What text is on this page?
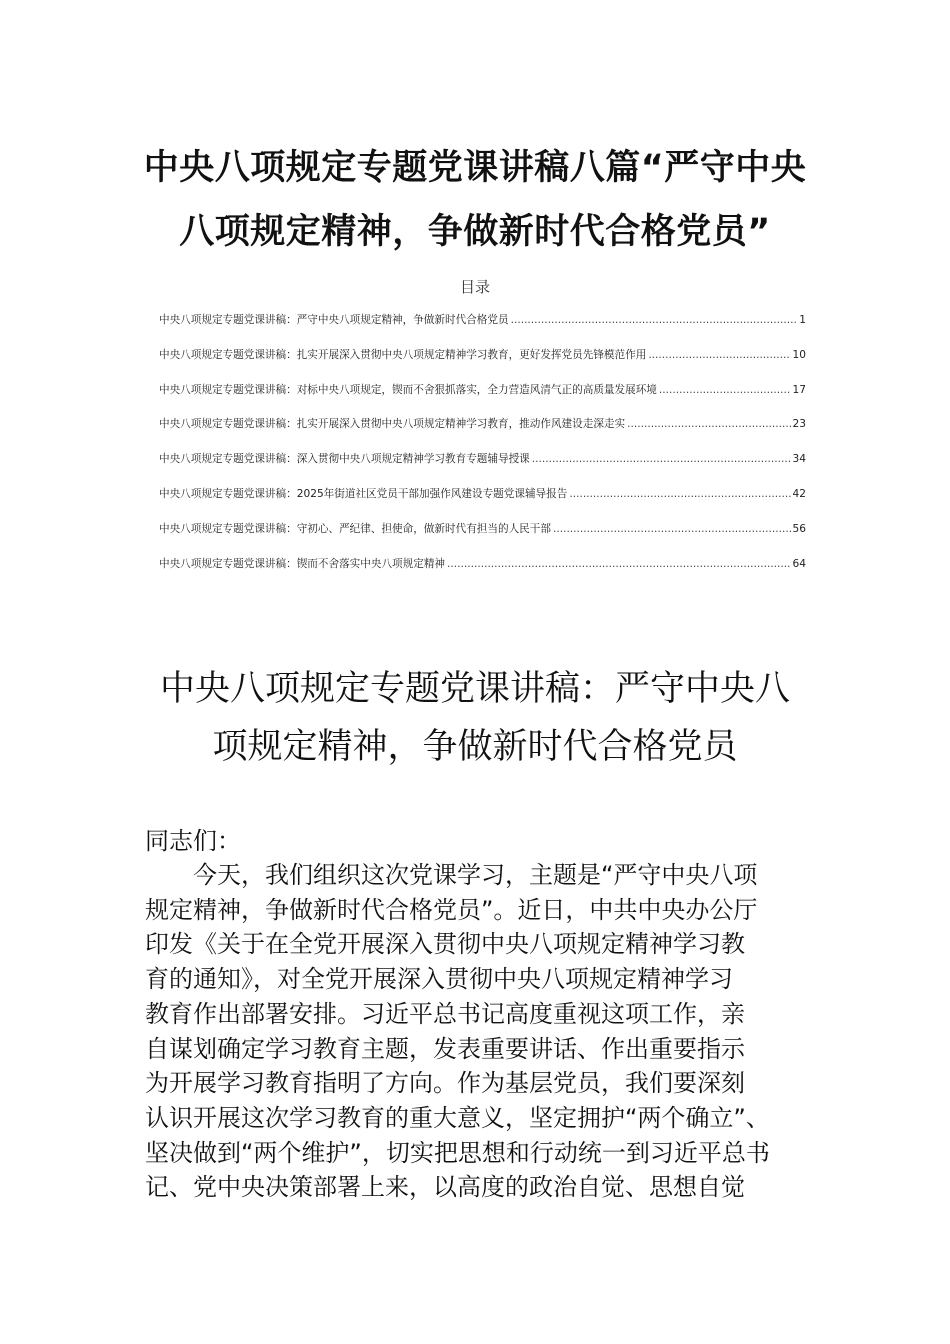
中央八项规定专题党课讲稿八篇“严守中央
八项规定精神，争做新时代合格党员”
目录
中央八项规定专题党课讲稿：严守中央八项规定精神，争做新时代合格党员 .....	1
中央八项规定专题党课讲稿：扎实开展深入贯彻中央八项规定精神学习教育，更好发挥党员先锋模范作用 .....	10
中央八项规定专题党课讲稿：对标中央八项规定，锲而不舍狠抓落实，全力营造风清气正的高质量发展环境 .....	17
中央八项规定专题党课讲稿：扎实开展深入贯彻中央八项规定精神学习教育，推动作风建设走深走实 .....	23
中央八项规定专题党课讲稿：深入贯彻中央八项规定精神学习教育专题辅导授课 .....	34
中央八项规定专题党课讲稿：2025年街道社区党员干部加强作风建设专题党课辅导报告 .....	42
中央八项规定专题党课讲稿：守初心、严纪律、担使命，做新时代有担当的人民干部 .....	56
中央八项规定专题党课讲稿：锲而不舍落实中央八项规定精神 .....	64
中央八项规定专题党课讲稿：严守中央八
项规定精神，争做新时代合格党员

同志们：

今天，我们组织这次党课学习，主题是“严守中央八项
规定精神，争做新时代合格党员”。近日，中共中央办公厅
印发《关于在全党开展深入贯彻中央八项规定精神学习教
育的通知》，对全党开展深入贯彻中央八项规定精神学习
教育作出部署安排。习近平总书记高度重视这项工作，亲
自谋划确定学习教育主题，发表重要讲话、作出重要指示
为开展学习教育指明了方向。作为基层党员，我们要深刻
认识开展这次学习教育的重大意义，坚定拥护“两个确立”、
坚决做到“两个维护”，切实把思想和行动统一到习近平总书
记、党中央决策部署上来，以高度的政治自觉、思想自觉
